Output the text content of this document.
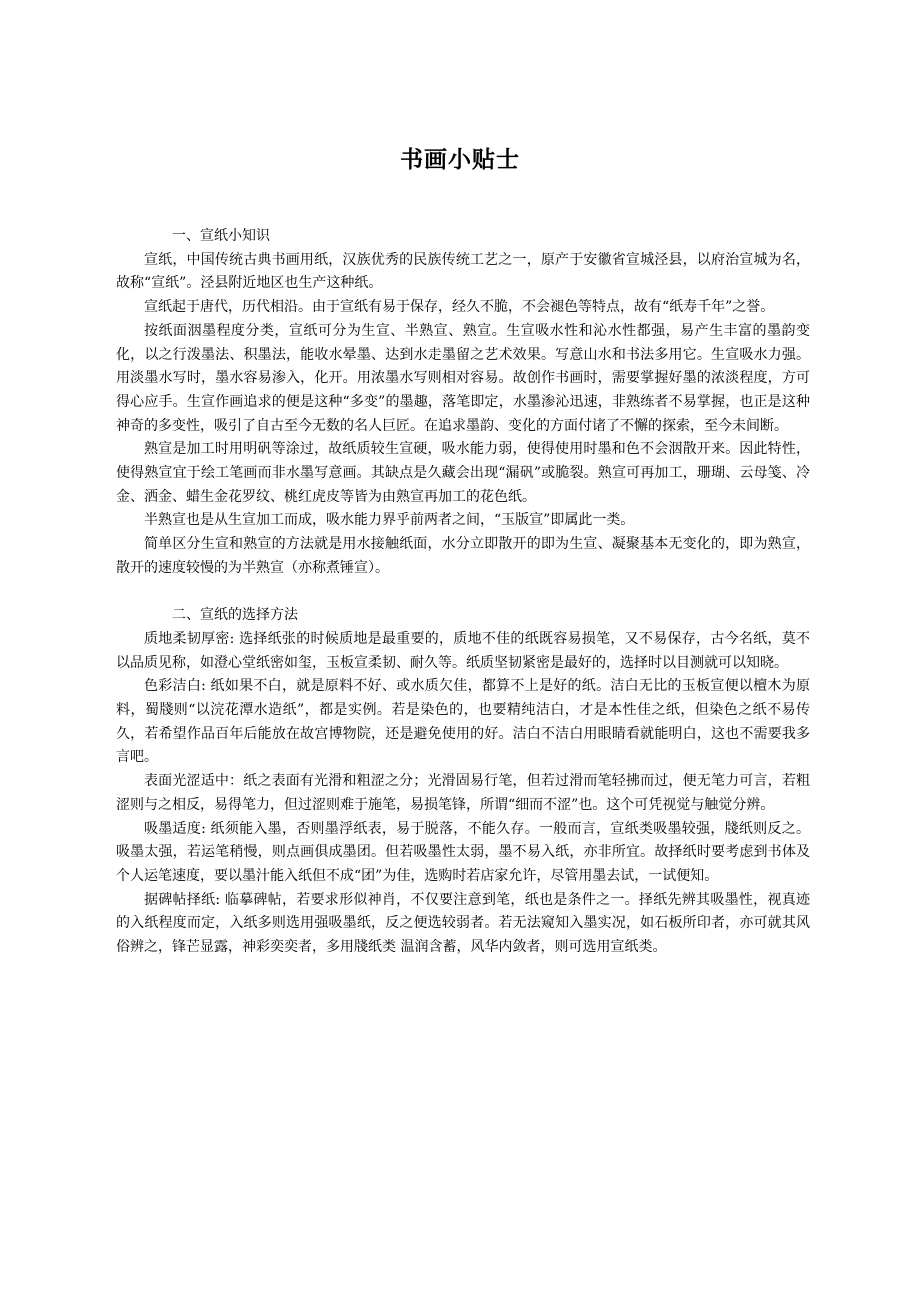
书画小贴士

一、宣纸小知识

宣纸，中国传统古典书画用纸，汉族优秀的民族传统工艺之一，原产于安徽省宣城泾县，以府治宣城为名，故称“宣纸”。泾县附近地区也生产这种纸。

宣纸起于唐代，历代相沿。由于宣纸有易于保存，经久不脆，不会褪色等特点，故有“纸寿千年”之誉。

按纸面洇墨程度分类，宣纸可分为生宣、半熟宣、熟宣。生宣吸水性和沁水性都强，易产生丰富的墨韵变化，以之行泼墨法、积墨法，能收水晕墨、达到水走墨留之艺术效果。写意山水和书法多用它。生宣吸水力强。用淡墨水写时，墨水容易渗入，化开。用浓墨水写则相对容易。故创作书画时，需要掌握好墨的浓淡程度，方可得心应手。生宣作画追求的便是这种“多变”的墨趣，落笔即定，水墨渗沁迅速，非熟练者不易掌握，也正是这种神奇的多变性，吸引了自古至今无数的名人巨匠。在追求墨韵、变化的方面付诸了不懈的探索，至今未间断。

熟宣是加工时用明矾等涂过，故纸质较生宣硬，吸水能力弱，使得使用时墨和色不会洇散开来。因此特性，使得熟宣宜于绘工笔画而非水墨写意画。其缺点是久藏会出现“漏矾”或脆裂。熟宣可再加工，珊瑚、云母笺、冷金、洒金、蜡生金花罗纹、桃红虎皮等皆为由熟宣再加工的花色纸。

半熟宣也是从生宣加工而成，吸水能力界乎前两者之间，“玉版宣”即属此一类。

简单区分生宣和熟宣的方法就是用水接触纸面，水分立即散开的即为生宣、凝聚基本无变化的，即为熟宣，散开的速度较慢的为半熟宣（亦称煮锤宣）。

二、宣纸的选择方法

质地柔韧厚密: 选择纸张的时候质地是最重要的，质地不佳的纸既容易损笔，又不易保存，古今名纸，莫不以品质见称，如澄心堂纸密如玺，玉板宣柔韧、耐久等。纸质坚韧紧密是最好的，选择时以目测就可以知晓。

色彩洁白: 纸如果不白，就是原料不好、或水质欠佳，都算不上是好的纸。洁白无比的玉板宣便以檀木为原料，蜀牋则“以浣花潭水造纸”，都是实例。若是染色的，也要精纯洁白，才是本性佳之纸，但染色之纸不易传久，若希望作品百年后能放在故宫博物院，还是避免使用的好。洁白不洁白用眼睛看就能明白，这也不需要我多言吧。

表面光涩适中：纸之表面有光滑和粗涩之分；光滑固易行笔，但若过滑而笔轻拂而过，便无笔力可言，若粗涩则与之相反，易得笔力，但过涩则难于施笔，易损笔锋，所谓“细而不涩”也。这个可凭视觉与触觉分辨。

吸墨适度: 纸须能入墨，否则墨浮纸表，易于脱落，不能久存。一般而言，宣纸类吸墨较强，牋纸则反之。吸墨太强，若运笔稍慢，则点画俱成墨团。但若吸墨性太弱，墨不易入纸，亦非所宜。故择纸时要考虑到书体及个人运笔速度，要以墨汁能入纸但不成“团”为佳，选购时若店家允许，尽管用墨去试，一试便知。

据碑帖择纸: 临摹碑帖，若要求形似神肖，不仅要注意到笔，纸也是条件之一。择纸先辨其吸墨性，视真迹的入纸程度而定，入纸多则选用强吸墨纸，反之便选较弱者。若无法窥知入墨实况，如石板所印者，亦可就其风俗辨之，锋芒显露，神彩奕奕者，多用牋纸类 温润含蓄，风华内敛者，则可选用宣纸类。
